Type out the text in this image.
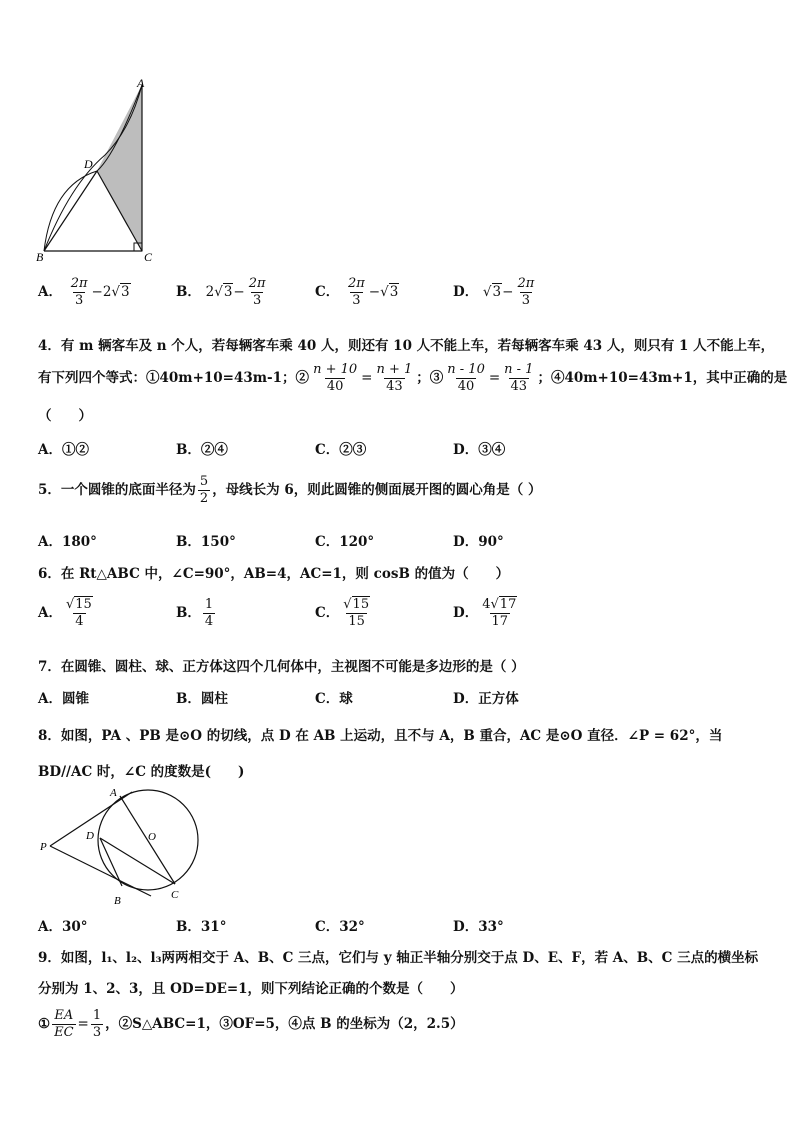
A
D
B	C
A． $\frac{2\pi}{3} -2√3$	B． $2√3- \frac{2\pi}{3}$	C． $\frac{2\pi}{3} -√3$	D． $√3- \frac{2\pi}{3}$
4．有 m 辆客车及 n 个人，若每辆客车乘 40 人，则还有 10 人不能上车，若每辆客车乘 43 人，则只有 1 人不能上车，
有下列四个等式：①40m+10=43m-1；② $\frac{n + 10}{40} = \frac{n + 1}{43}$ ；③ $\frac{n - 10}{40} = \frac{n - 1}{43}$ ；④40m+10=43m+1，其中正确的是
（　　）
A．①②	B．②④	C．②③	D．③④
5．一个圆锥的底面半径为 $\frac{5}{2}$ ，母线长为 6，则此圆锥的侧面展开图的圆心角是（ ）
A．180°	B．150°	C．120°	D．90°
6．在 Rt△ABC 中，∠C=90°，AB=4，AC=1，则 cosB 的值为（　　）
A． $\frac{√15}{4}$	B． $\frac{1}{4}$	C． $\frac{√15}{15}$	D． $\frac{4√17}{17}$
7．在圆锥、圆柱、球、正方体这四个几何体中，主视图不可能是多边形的是（ ）
A．圆锥	B．圆柱	C．球	D．正方体
8．如图，PA 、PB 是⊙O 的切线，点 D 在 AB 上运动，且不与 A，B 重合，AC 是⊙O 直径．∠P = 62°，当
BD//AC 时，∠C 的度数是(　　)
A
O
D
P
B	C
A．30°	B．31°	C．32°	D．33°
9．如图，l₁、l₂、l₃两两相交于 A、B、C 三点，它们与 y 轴正半轴分别交于点 D、E、F，若 A、B、C 三点的横坐标
分别为 1、2、3，且 OD=DE=1，则下列结论正确的个数是（　　）
① $\frac{EA}{EC} = \frac{1}{3}$ ，②S△ABC=1，③OF=5，④点 B 的坐标为（2，2.5）
